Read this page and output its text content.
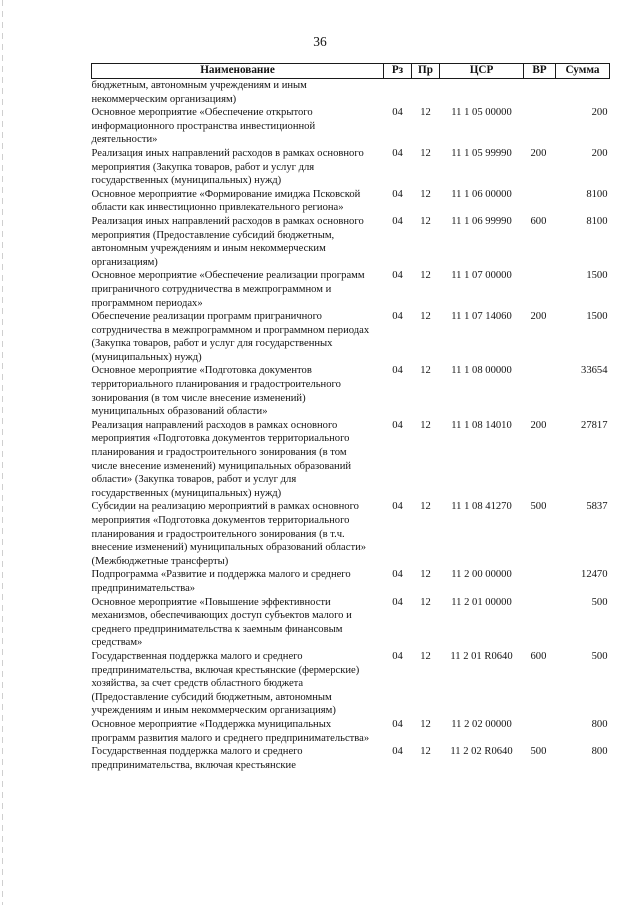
36
Наименование	Рз	Пр	ЦСР	ВР	Сумма
бюджетным, автономным учреждениям и иным некоммерческим организациям)					
Основное мероприятие «Обеспечение открытого информационного пространства инвестиционной деятельности»	04	12	11 1 05 00000		200
Реализация иных направлений расходов в рамках основного мероприятия (Закупка товаров, работ и услуг для государственных (муниципальных) нужд)	04	12	11 1 05 99990	200	200
Основное мероприятие «Формирование имиджа Псковской области как инвестиционно привлекательного региона»	04	12	11 1 06 00000		8100
Реализация иных направлений расходов в рамках основного мероприятия (Предоставление субсидий бюджетным, автономным учреждениям и иным некоммерческим организациям)	04	12	11 1 06 99990	600	8100
Основное мероприятие «Обеспечение реализации программ приграничного сотрудничества в межпрограммном и программном периодах»	04	12	11 1 07 00000		1500
Обеспечение реализации программ приграничного сотрудничества в межпрограммном и программном периодах (Закупка товаров, работ и услуг для государственных (муниципальных) нужд)	04	12	11 1 07 14060	200	1500
Основное мероприятие «Подготовка документов территориального планирования и градостроительного зонирования (в том числе внесение изменений) муниципальных образований области»	04	12	11 1 08 00000		33654
Реализация направлений расходов в рамках основного мероприятия «Подготовка документов территориального планирования и градостроительного зонирования (в том числе внесение изменений) муниципальных образований области» (Закупка товаров, работ и услуг для государственных (муниципальных) нужд)	04	12	11 1 08 14010	200	27817
Субсидии на реализацию мероприятий в рамках основного мероприятия «Подготовка документов территориального планирования и градостроительного зонирования (в т.ч. внесение изменений) муниципальных образований области» (Межбюджетные трансферты)	04	12	11 1 08 41270	500	5837
Подпрограмма «Развитие и поддержка малого и среднего предпринимательства»	04	12	11 2 00 00000		12470
Основное мероприятие «Повышение эффективности механизмов, обеспечивающих доступ субъектов малого и среднего предпринимательства к заемным финансовым средствам»	04	12	11 2 01 00000		500
Государственная поддержка малого и среднего предпринимательства, включая крестьянские (фермерские) хозяйства, за счет средств областного бюджета (Предоставление субсидий бюджетным, автономным учреждениям и иным некоммерческим организациям)	04	12	11 2 01 R0640	600	500
Основное мероприятие «Поддержка муниципальных программ развития малого и среднего предпринимательства»	04	12	11 2 02 00000		800
Государственная поддержка малого и среднего предпринимательства, включая крестьянские	04	12	11 2 02 R0640	500	800
